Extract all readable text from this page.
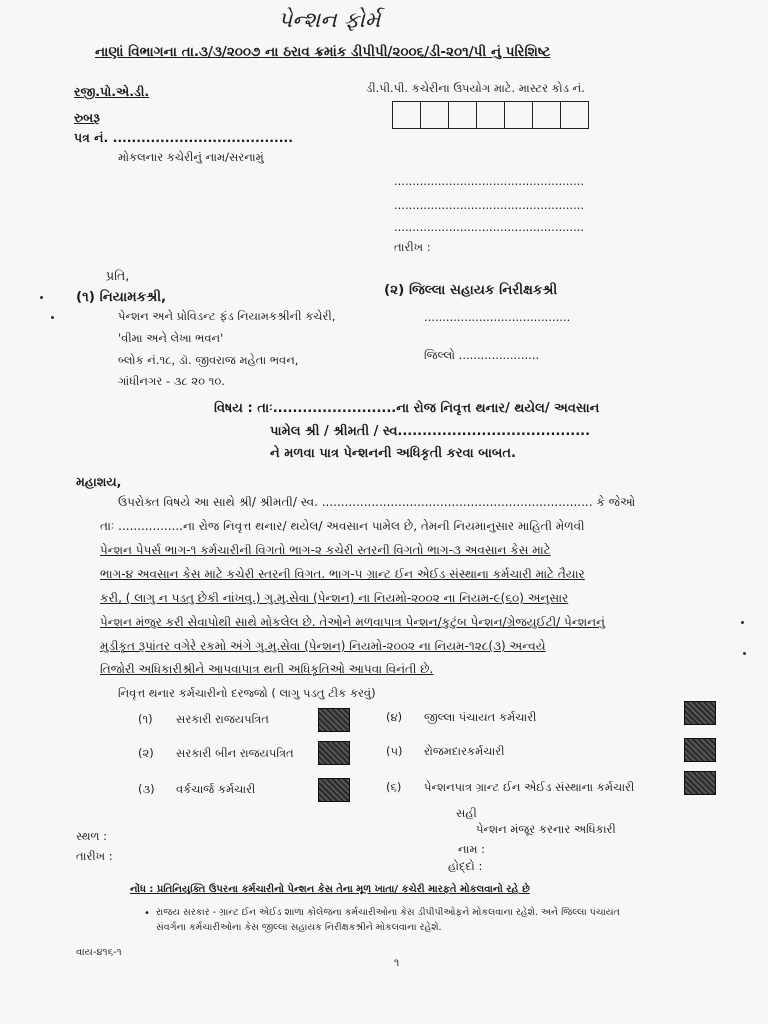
પેન્શન ફોર્મ
નાણાં વિભાગના તા.૩/૩/૨૦૦૭ ના ઠરાવ ક્રમાંક ડીપીપી/૨૦૦૬/ડી-૨૦૧/પી નું પરિશિષ્ટ
રજી.પો.એ.ડી.
રુબરૂ
પત્ર નં. ......................................
મોકલનાર કચેરીનું નામ/સરનામું
ડી.પી.પી. કચેરીના ઉપયોગ માટે. માસ્ટર કોડ નં.
....................................................
....................................................
....................................................
તારીખ :
પ્રતિ,
(૧) નિયામકશ્રી,
પેન્શન અને પ્રોવિડન્ટ ફંડ નિયામકશ્રીની કચેરી,
'વીમા અને લેખા ભવન'
બ્લોક નં.૧૮, ડૉ. જીવરાજ મહેતા ભવન,
ગાંધીનગર - ૩૮ ૨૦ ૧૦.
(૨) જિલ્લા સહાયક નિરીક્ષકશ્રી
........................................
જિલ્લો ......................
વિષય : તાઃ.........................ના રોજ નિવૃત્ત થનાર/ થયેલ/ અવસાન
પામેલ શ્રી / શ્રીમતી / સ્વ.......................................
ને મળવા પાત્ર પેન્શનની અધિકૃતી કરવા બાબત.
મહાશય,
ઉપરોક્ત વિષયે આ સાથે શ્રી/ શ્રીમતી/ સ્વ. ....................................................................... કે જેઓ
તાઃ .................ના રોજ નિવૃત્ત થનાર/ થયેલ/ અવસાન પામેલ છે, તેમની નિયમાનુસાર માહિતી મેળવી
પેન્શન પેપર્સ ભાગ-૧ કર્મચારીની વિગતો ભાગ-૨ કચેરી સ્તરની વિગતો ભાગ-૩ અવસાન કેસ માટે
ભાગ-૪ અવસાન કેસ માટે કચેરી સ્તરની વિગત. ભાગ-૫ ગ્રાન્ટ ઈન એઈડ સંસ્થાના કર્મચારી માટે તૈયાર
કરી, ( લાગુ ન પડતુ છેકી નાંખવુ.) ગુ.મુ.સેવા (પેન્શન) ના નિયમો-૨૦૦૨ ના નિયમ-૯(૬૦) અનુસાર
પેન્શન મંજુર કરી સેવાપોથી સાથે મોકલેલ છે. તેઓને મળવાપાત્ર પેન્શન/કુટુંબ પેન્શન/ગ્રેજયુઈટી/ પેન્શનનું
મુડીકૃત રૂપાંતર વગેરે રકમો અંગે ગુ.મુ.સેવા (પેન્શન) નિયમો-૨૦૦૨ ના નિયમ-૧૨૮(૩) અન્વયે
તિજોરી અધિકારીશ્રીને આપવાપાત્ર થતી અધિકૃતિઓ આપવા વિનંતી છે.
નિવૃત્ત થનાર કર્મચારીનો દરજ્જો ( લાગુ પડતુ ટીક કરવું)
(૧) સરકારી રાજયપત્રિત
(૨) સરકારી બીન રાજયપત્રિત
(૩) વર્કચાર્જ કર્મચારી
(૪) જીલ્લા પંચાયત કર્મચારી
(૫) રોજમદારકર્મચારી
(૬) પેન્શનપાત્ર ગ્રાન્ટ ઈન એઈડ સંસ્થાના કર્મચારી
સહી
પેન્શન મંજૂર કરનાર અધિકારી
નામ :
હોદ્દો :
સ્થળ :
તારીખ :
નોંધ : પ્રતિનિયુક્તિ ઉપરના કર્મચારીનો પેન્શન કેસ તેના મૂળ ખાતા/ કચેરી મારફતે મોકલવાનો રહે છે
• રાજય સરકાર - ગ્રાન્ટ ઈન એઈડ શાળા કોલેજના કર્મચારીઓના કેસ ડીપીપીઓફને મોકલવાના રહેશે. અને જિલ્લા પંચાયત
સંવર્ગના કર્મચારીઓના કેસ જીલ્લા સહાયક નિરીક્ષકશ્રીને મોકલવાના રહેશે.
વાય-૪૧૬-૧
૧
